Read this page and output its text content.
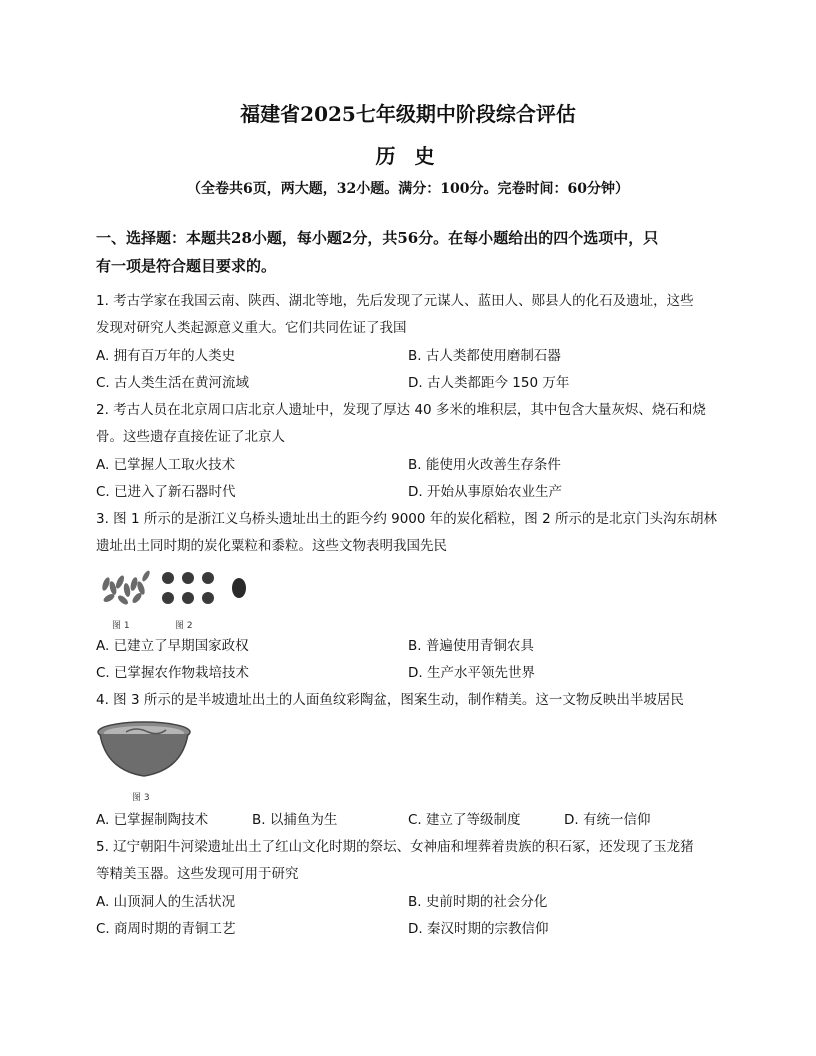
福建省2025七年级期中阶段综合评估
历 史
（全卷共6页，两大题，32小题。满分：100分。完卷时间：60分钟）
一、选择题：本题共28小题，每小题2分，共56分。在每小题给出的四个选项中，只
有一项是符合题目要求的。
1. 考古学家在我国云南、陕西、湖北等地，先后发现了元谋人、蓝田人、郧县人的化石及遗址，这些
发现对研究人类起源意义重大。它们共同佐证了我国
A. 拥有百万年的人类史	B. 古人类都使用磨制石器
C. 古人类生活在黄河流域	D. 古人类都距今 150 万年
2. 考古人员在北京周口店北京人遗址中，发现了厚达 40 多米的堆积层，其中包含大量灰烬、烧石和烧
骨。这些遗存直接佐证了北京人
A. 已掌握人工取火技术	B. 能使用火改善生存条件
C. 已进入了新石器时代	D. 开始从事原始农业生产
3. 图 1 所示的是浙江义乌桥头遗址出土的距今约 9000 年的炭化稻粒，图 2 所示的是北京门头沟东胡林
遗址出土同时期的炭化粟粒和黍粒。这些文物表明我国先民
图 1	图 2
A. 已建立了早期国家政权	B. 普遍使用青铜农具
C. 已掌握农作物栽培技术	D. 生产水平领先世界
4. 图 3 所示的是半坡遗址出土的人面鱼纹彩陶盆，图案生动，制作精美。这一文物反映出半坡居民
图 3
A. 已掌握制陶技术	B. 以捕鱼为生	C. 建立了等级制度	D. 有统一信仰
5. 辽宁朝阳牛河梁遗址出土了红山文化时期的祭坛、女神庙和埋葬着贵族的积石冢，还发现了玉龙猪
等精美玉器。这些发现可用于研究
A. 山顶洞人的生活状况	B. 史前时期的社会分化
C. 商周时期的青铜工艺	D. 秦汉时期的宗教信仰
